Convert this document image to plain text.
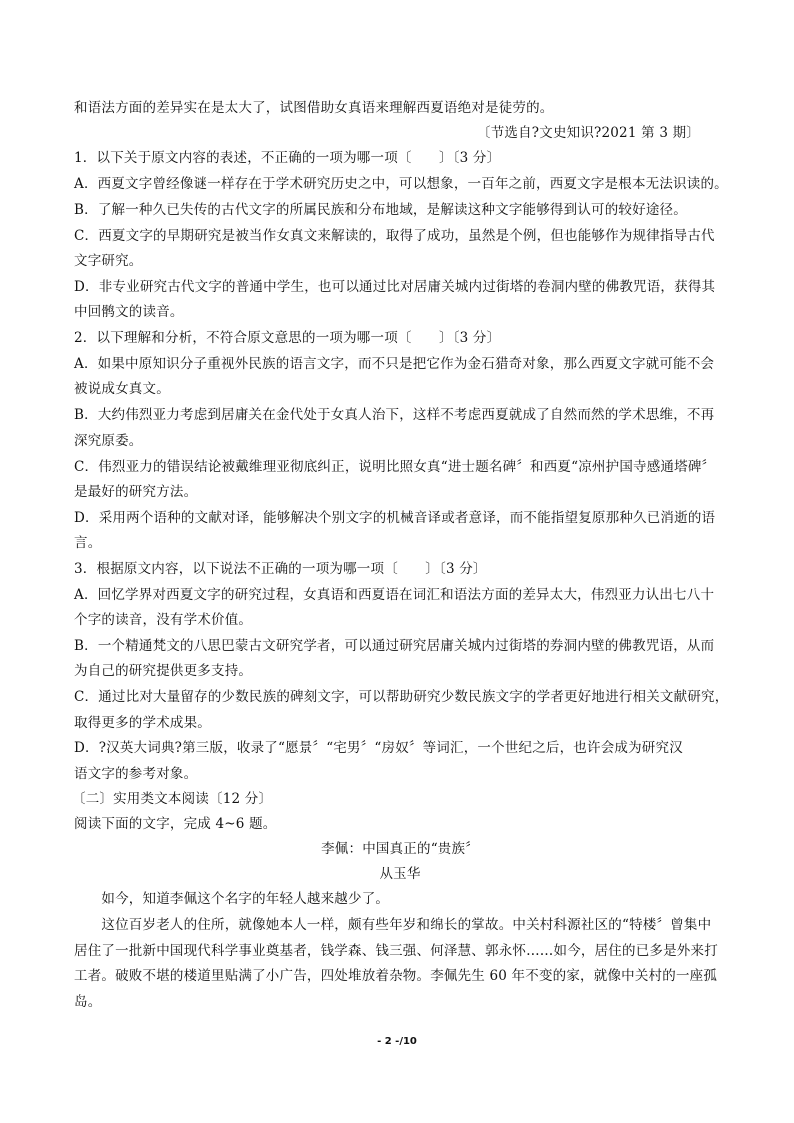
和语法方面的差异实在是太大了，试图借助女真语来理解西夏语绝对是徒劳的。
〔节选自?文史知识?2021 第 3 期〕
1．以下关于原文内容的表述，不正确的一项为哪一项〔　　〕〔3 分〕
A．西夏文字曾经像谜一样存在于学术研究历史之中，可以想象，一百年之前，西夏文字是根本无法识读的。
B．了解一种久已失传的古代文字的所属民族和分布地域，是解读这种文字能够得到认可的较好途径。
C．西夏文字的早期研究是被当作女真文来解读的，取得了成功，虽然是个例，但也能够作为规律指导古代
文字研究。
D．非专业研究古代文字的普通中学生，也可以通过比对居庸关城内过街塔的卷洞内壁的佛教咒语，获得其
中回鹘文的读音。
2．以下理解和分析，不符合原文意思的一项为哪一项〔　　〕〔3 分〕
A．如果中原知识分子重视外民族的语言文字，而不只是把它作为金石猎奇对象，那么西夏文字就可能不会
被说成女真文。
B．大约伟烈亚力考虑到居庸关在金代处于女真人治下，这样不考虑西夏就成了自然而然的学术思维，不再
深究原委。
C．伟烈亚力的错误结论被戴维理亚彻底纠正，说明比照女真“进士题名碑〞和西夏“凉州护国寺感通塔碑〞
是最好的研究方法。
D．采用两个语种的文献对译，能够解决个别文字的机械音译或者意译，而不能指望复原那种久已消逝的语
言。
3．根据原文内容，以下说法不正确的一项为哪一项〔　　〕〔3 分〕
A．回忆学界对西夏文字的研究过程，女真语和西夏语在词汇和语法方面的差异太大，伟烈亚力认出七八十
个字的读音，没有学术价值。
B．一个精通梵文的八思巴蒙古文研究学者，可以通过研究居庸关城内过街塔的券洞内壁的佛教咒语，从而
为自己的研究提供更多支持。
C．通过比对大量留存的少数民族的碑刻文字，可以帮助研究少数民族文字的学者更好地进行相关文献研究，
取得更多的学术成果。
D．?汉英大词典?第三版，收录了“愿景〞“宅男〞“房奴〞等词汇，一个世纪之后，也许会成为研究汉
语文字的参考对象。
〔二〕实用类文本阅读〔12 分〕
阅读下面的文字，完成 4~6 题。
李佩：中国真正的“贵族〞
从玉华
　　如今，知道李佩这个名字的年轻人越来越少了。
　　这位百岁老人的住所，就像她本人一样，颇有些年岁和绵长的掌故。中关村科源社区的“特楼〞曾集中
居住了一批新中国现代科学事业奠基者，钱学森、钱三强、何泽慧、郭永怀……如今，居住的已多是外来打
工者。破败不堪的楼道里贴满了小广告，四处堆放着杂物。李佩先生 60 年不变的家，就像中关村的一座孤
岛。
- 2 -/10
